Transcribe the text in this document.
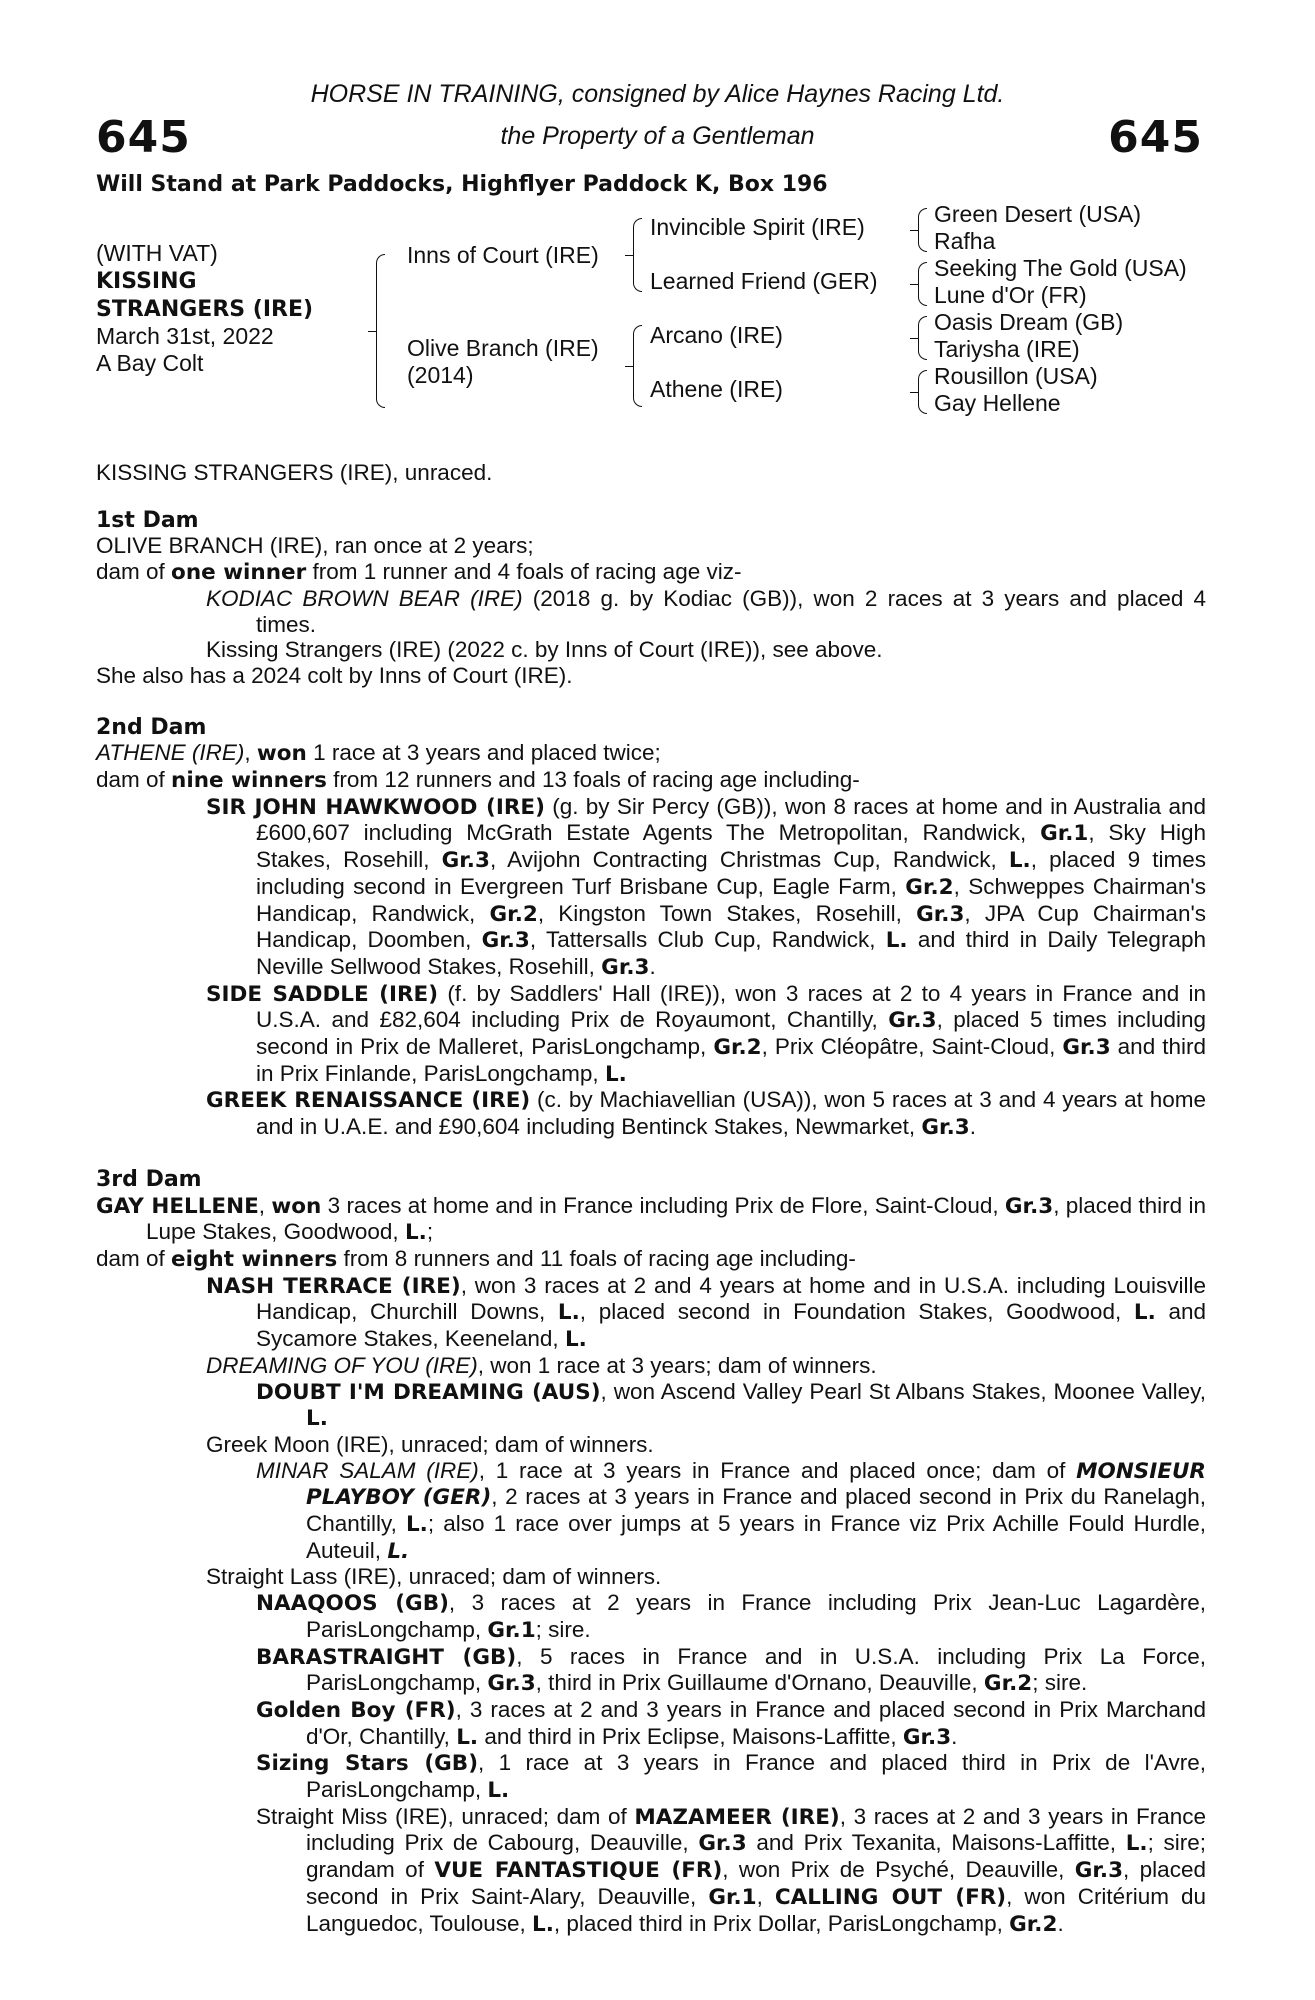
645	645
HORSE IN TRAINING, consigned by Alice Haynes Racing Ltd.
the Property of a Gentleman
Will Stand at Park Paddocks, Highflyer Paddock K, Box 196
(WITH VAT)
KISSING
STRANGERS (IRE)
March 31st, 2022
A Bay Colt
Inns of Court (IRE)
Olive Branch (IRE)
(2014)
Invincible Spirit (IRE)
Learned Friend (GER)
Arcano (IRE)
Athene (IRE)
Green Desert (USA)
Rafha
Seeking The Gold (USA)
Lune d'Or (FR)
Oasis Dream (GB)
Tariysha (IRE)
Rousillon (USA)
Gay Hellene

KISSING STRANGERS (IRE), unraced.

1st Dam

OLIVE BRANCH (IRE), ran once at 2 years;

dam of one winner from 1 runner and 4 foals of racing age viz-

KODIAC BROWN BEAR (IRE) (2018 g. by Kodiac (GB)), won 2 races at 3 years and placed 4 times.

Kissing Strangers (IRE) (2022 c. by Inns of Court (IRE)), see above.

She also has a 2024 colt by Inns of Court (IRE).

2nd Dam

ATHENE (IRE), won 1 race at 3 years and placed twice;

dam of nine winners from 12 runners and 13 foals of racing age including-

SIR JOHN HAWKWOOD (IRE) (g. by Sir Percy (GB)), won 8 races at home and in Australia and £600,607 including McGrath Estate Agents The Metropolitan, Randwick, Gr.1, Sky High Stakes, Rosehill, Gr.3, Avijohn Contracting Christmas Cup, Randwick, L., placed 9 times including second in Evergreen Turf Brisbane Cup, Eagle Farm, Gr.2, Schweppes Chairman's Handicap, Randwick, Gr.2, Kingston Town Stakes, Rosehill, Gr.3, JPA Cup Chairman's Handicap, Doomben, Gr.3, Tattersalls Club Cup, Randwick, L. and third in Daily Telegraph Neville Sellwood Stakes, Rosehill, Gr.3.

SIDE SADDLE (IRE) (f. by Saddlers' Hall (IRE)), won 3 races at 2 to 4 years in France and in U.S.A. and £82,604 including Prix de Royaumont, Chantilly, Gr.3, placed 5 times including second in Prix de Malleret, ParisLongchamp, Gr.2, Prix Cléopâtre, Saint-Cloud, Gr.3 and third in Prix Finlande, ParisLongchamp, L.

GREEK RENAISSANCE (IRE) (c. by Machiavellian (USA)), won 5 races at 3 and 4 years at home and in U.A.E. and £90,604 including Bentinck Stakes, Newmarket, Gr.3.

3rd Dam

GAY HELLENE, won 3 races at home and in France including Prix de Flore, Saint-Cloud, Gr.3, placed third in Lupe Stakes, Goodwood, L.;

dam of eight winners from 8 runners and 11 foals of racing age including-

NASH TERRACE (IRE), won 3 races at 2 and 4 years at home and in U.S.A. including Louisville Handicap, Churchill Downs, L., placed second in Foundation Stakes, Goodwood, L. and Sycamore Stakes, Keeneland, L.

DREAMING OF YOU (IRE), won 1 race at 3 years; dam of winners.

DOUBT I'M DREAMING (AUS), won Ascend Valley Pearl St Albans Stakes, Moonee Valley, L.

Greek Moon (IRE), unraced; dam of winners.

MINAR SALAM (IRE), 1 race at 3 years in France and placed once; dam of MONSIEUR PLAYBOY (GER), 2 races at 3 years in France and placed second in Prix du Ranelagh, Chantilly, L.; also 1 race over jumps at 5 years in France viz Prix Achille Fould Hurdle, Auteuil, L.

Straight Lass (IRE), unraced; dam of winners.

NAAQOOS (GB), 3 races at 2 years in France including Prix Jean-Luc Lagardère, ParisLongchamp, Gr.1; sire.

BARASTRAIGHT (GB), 5 races in France and in U.S.A. including Prix La Force, ParisLongchamp, Gr.3, third in Prix Guillaume d'Ornano, Deauville, Gr.2; sire.

Golden Boy (FR), 3 races at 2 and 3 years in France and placed second in Prix Marchand d'Or, Chantilly, L. and third in Prix Eclipse, Maisons-Laffitte, Gr.3.

Sizing Stars (GB), 1 race at 3 years in France and placed third in Prix de l'Avre, ParisLongchamp, L.

Straight Miss (IRE), unraced; dam of MAZAMEER (IRE), 3 races at 2 and 3 years in France including Prix de Cabourg, Deauville, Gr.3 and Prix Texanita, Maisons-Laffitte, L.; sire; grandam of VUE FANTASTIQUE (FR), won Prix de Psyché, Deauville, Gr.3, placed second in Prix Saint-Alary, Deauville, Gr.1, CALLING OUT (FR), won Critérium du Languedoc, Toulouse, L., placed third in Prix Dollar, ParisLongchamp, Gr.2.
